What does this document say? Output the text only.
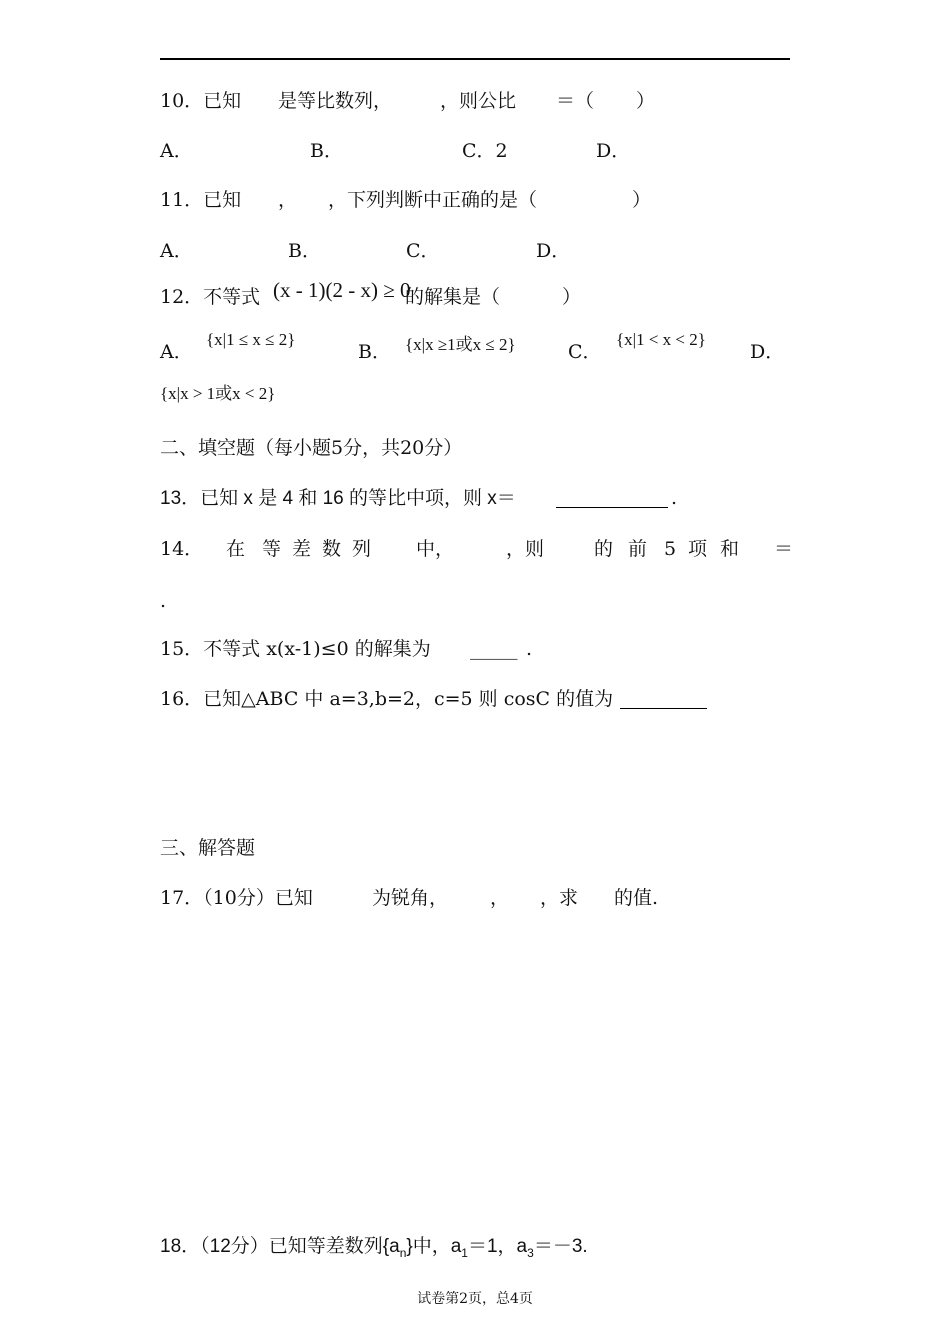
10．已知 是等比数列，	，则公比 ＝（ ）
A．	B．	C．2	D．
11．已知 ， ，下列判断中正确的是（	）
A．	B．	C．	D．
12．不等式 (x - 1)(2 - x) ≥ 0
的解集是（	）
A．
{x|1 ≤ x ≤ 2}
B． {x|x ≥1或x ≤ 2}	C．
{x|1 < x < 2}
D．
{x|x > 1或x < 2}
二、填空题（每小题5分，共20分）
13．已知 x 是 4 和 16 的等比中项，则 x＝	.
14． 在 等 差 数 列 中，	，则	的 前 5 项 和 ＝
.
15．不等式 x(x-1)≤0 的解集为 _____ .
16．已知△ABC 中 a=3,b=2，c=5 则 cosC 的值为
三、解答题
17．（10分）已知	为锐角， ， ，求 的值.
18．（12分）已知等差数列$\{a_n\}$中，$a_1=1$，$a_3=-3$.
试卷第2页，总4页
